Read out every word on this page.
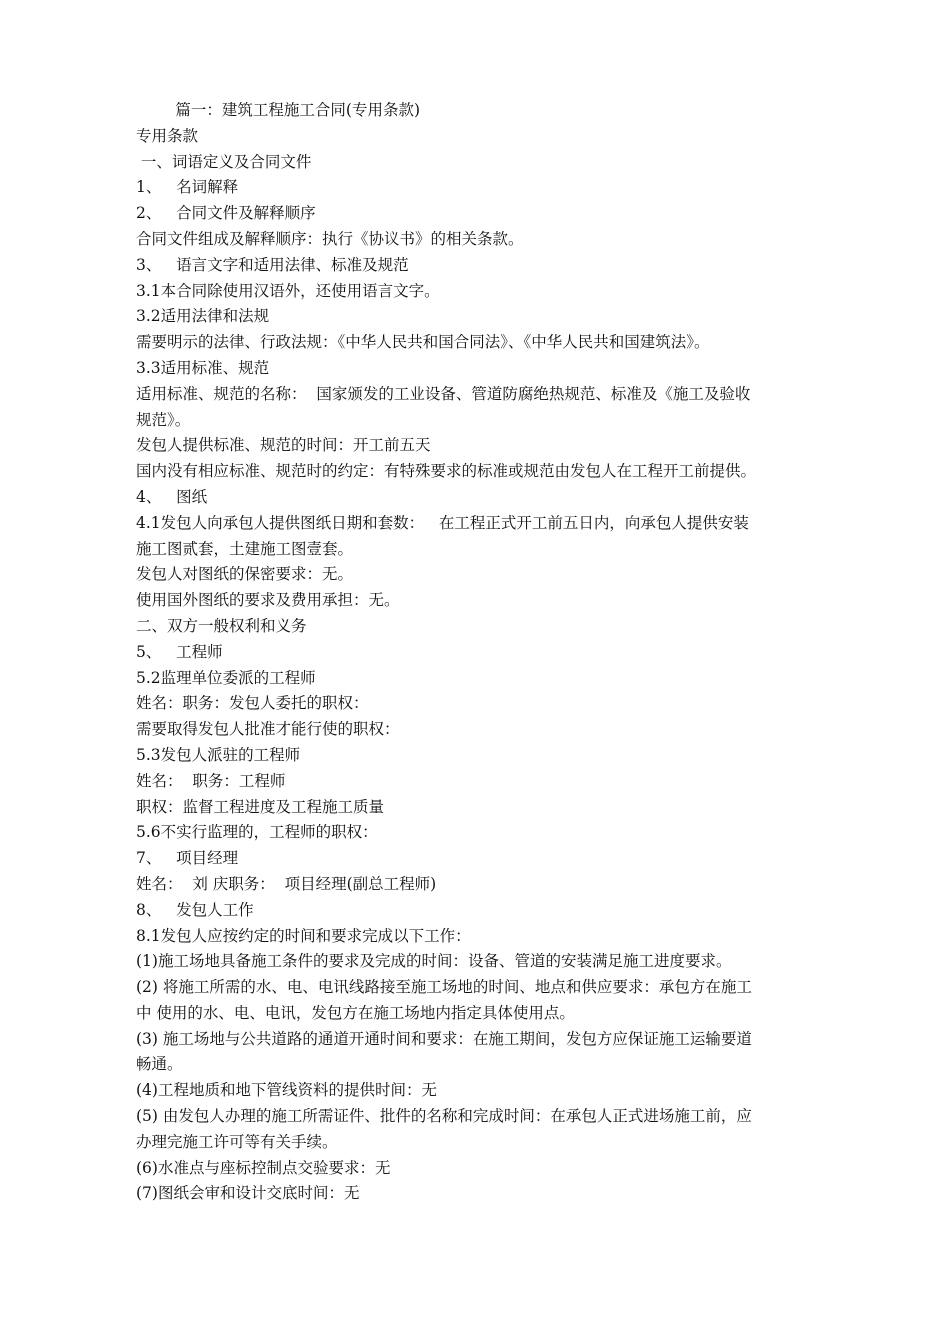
篇一：建筑工程施工合同(专用条款)
专用条款
一、词语定义及合同文件
1、   名词解释
2、   合同文件及解释顺序
合同文件组成及解释顺序：执行《协议书》的相关条款。
3、   语言文字和适用法律、标准及规范
3.1本合同除使用汉语外，还使用语言文字。
3.2适用法律和法规
需要明示的法律、行政法规：《中华人民共和国合同法》、《中华人民共和国建筑法》。
3.3适用标准、规范
适用标准、规范的名称：  国家颁发的工业设备、管道防腐绝热规范、标准及《施工及验收
规范》。
发包人提供标准、规范的时间：开工前五天
国内没有相应标准、规范时的约定：有特殊要求的标准或规范由发包人在工程开工前提供。
4、   图纸
4.1发包人向承包人提供图纸日期和套数：   在工程正式开工前五日内，向承包人提供安装
施工图贰套，土建施工图壹套。
发包人对图纸的保密要求：无。
使用国外图纸的要求及费用承担：无。
二、双方一般权利和义务
5、   工程师
5.2监理单位委派的工程师
姓名：职务：发包人委托的职权：
需要取得发包人批准才能行使的职权：
5.3发包人派驻的工程师
姓名：  职务：工程师
职权：监督工程进度及工程施工质量
5.6不实行监理的，工程师的职权：
7、   项目经理
姓名：  刘 庆职务：  项目经理(副总工程师)
8、   发包人工作
8.1发包人应按约定的时间和要求完成以下工作：
(1)施工场地具备施工条件的要求及完成的时间：设备、管道的安装满足施工进度要求。
(2) 将施工所需的水、电、电讯线路接至施工场地的时间、地点和供应要求：承包方在施工
中 使用的水、电、电讯，发包方在施工场地内指定具体使用点。
(3) 施工场地与公共道路的通道开通时间和要求：在施工期间，发包方应保证施工运输要道
畅通。
(4)工程地质和地下管线资料的提供时间：无
(5) 由发包人办理的施工所需证件、批件的名称和完成时间：在承包人正式进场施工前，应
办理完施工许可等有关手续。
(6)水准点与座标控制点交验要求：无
(7)图纸会审和设计交底时间：无
